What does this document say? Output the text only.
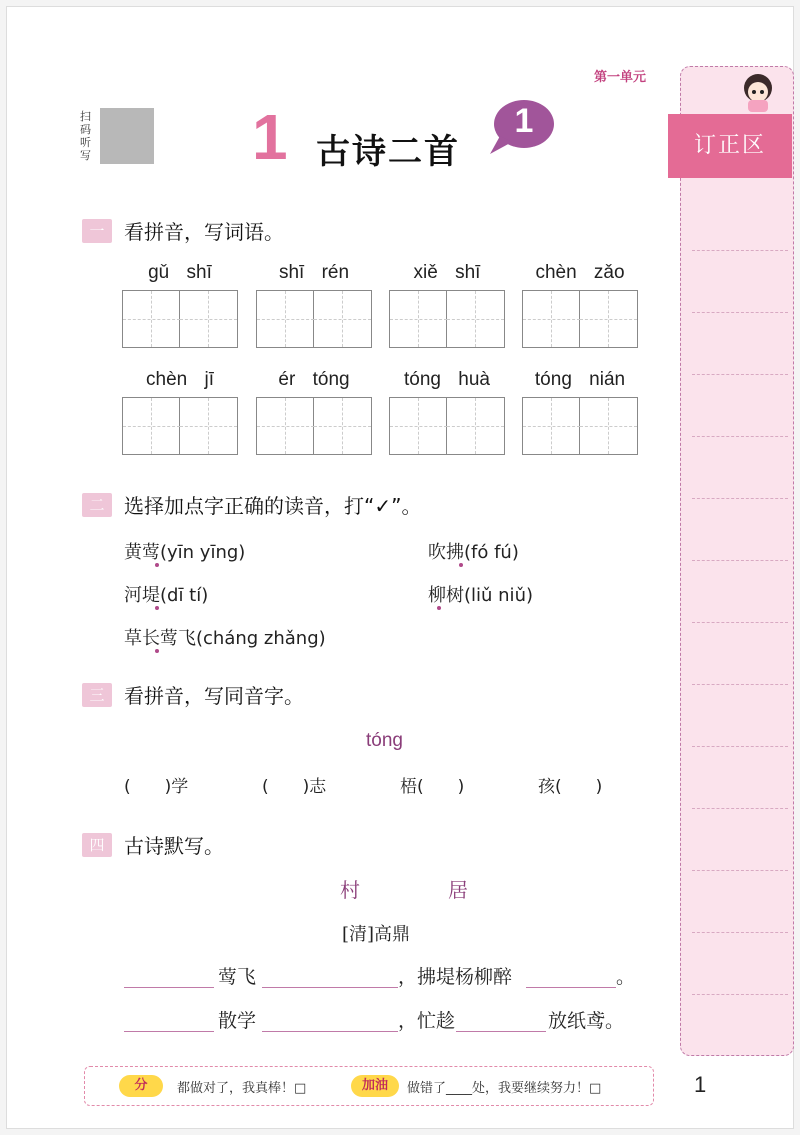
第一单元
扫码听写	1 古诗二首
1
一 看拼音，写词语。
gǔ shī	shī rén	xiě shī	chèn zǎo
chèn jī	ér tóng	tóng huà	tóng nián
二 选择加点字正确的读音，打“✓”。
黄莺(yīn yīng)	吹拂(fó fú)
河堤(dī tí)	柳树(liǔ niǔ)
草长莺飞(cháng zhǎng)
三 看拼音，写同音字。
tóng
(　　)学	(　　)志	梧(　　)	孩(　　)
四 古诗默写。
村　居
[清]高鼎
莺飞	，拂堤杨柳醉	。
散学	，忙趁	放纸鸢。
分	都做对了，我真棒！□	加油	做错了____处，我要继续努力！□	1
订正区
